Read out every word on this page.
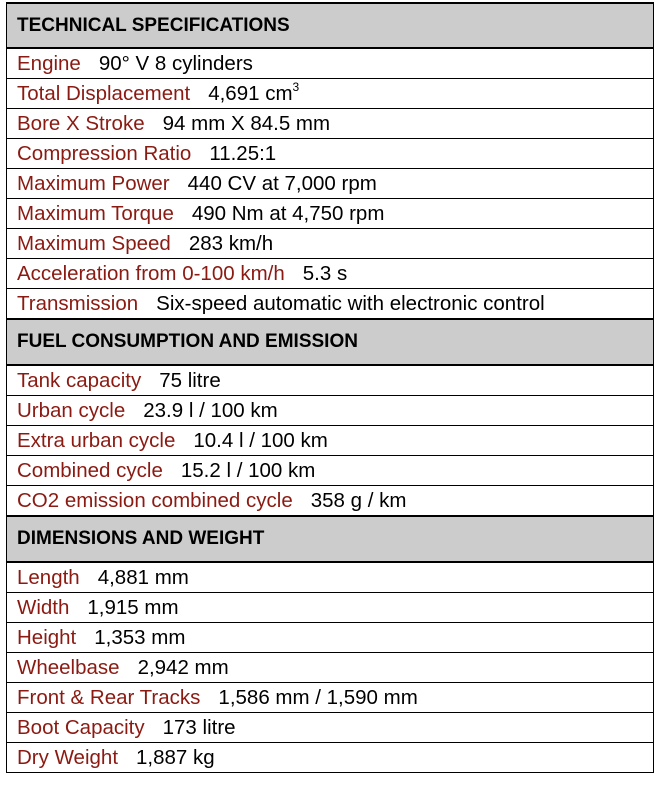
TECHNICAL SPECIFICATIONS
Engine 90° V 8 cylinders
Total Displacement 4,691 $cm^3$
Bore X Stroke 94 mm X 84.5 mm
Compression Ratio 11.25:1
Maximum Power 440 CV at 7,000 rpm
Maximum Torque 490 Nm at 4,750 rpm
Maximum Speed 283 km/h
Acceleration from 0-100 km/h 5.3 s
Transmission Six-speed automatic with electronic control
FUEL CONSUMPTION AND EMISSION
Tank capacity 75 litre
Urban cycle 23.9 l / 100 km
Extra urban cycle 10.4 l / 100 km
Combined cycle 15.2 l / 100 km
CO2 emission combined cycle 358 g / km
DIMENSIONS AND WEIGHT
Length 4,881 mm
Width 1,915 mm
Height 1,353 mm
Wheelbase 2,942 mm
Front & Rear Tracks 1,586 mm / 1,590 mm
Boot Capacity 173 litre
Dry Weight 1,887 kg
